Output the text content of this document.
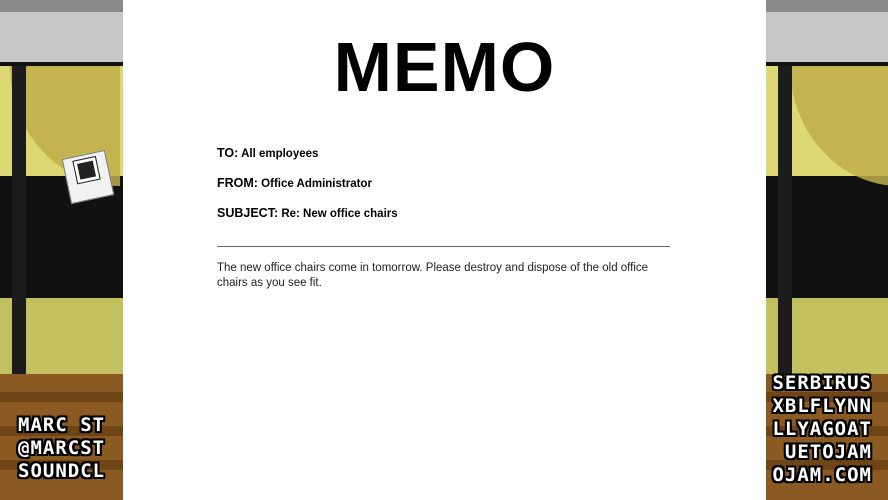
MARC ST
@MARCST
SOUNDCL
SERBIRUS
XBLFLYNN
LLYAGOAT
UETOJAM
OJAM.COM
MEMO
TO: All employees
FROM: Office Administrator
SUBJECT: Re: New office chairs
The new office chairs come in tomorrow. Please destroy and dispose of the old office chairs as you see fit.
